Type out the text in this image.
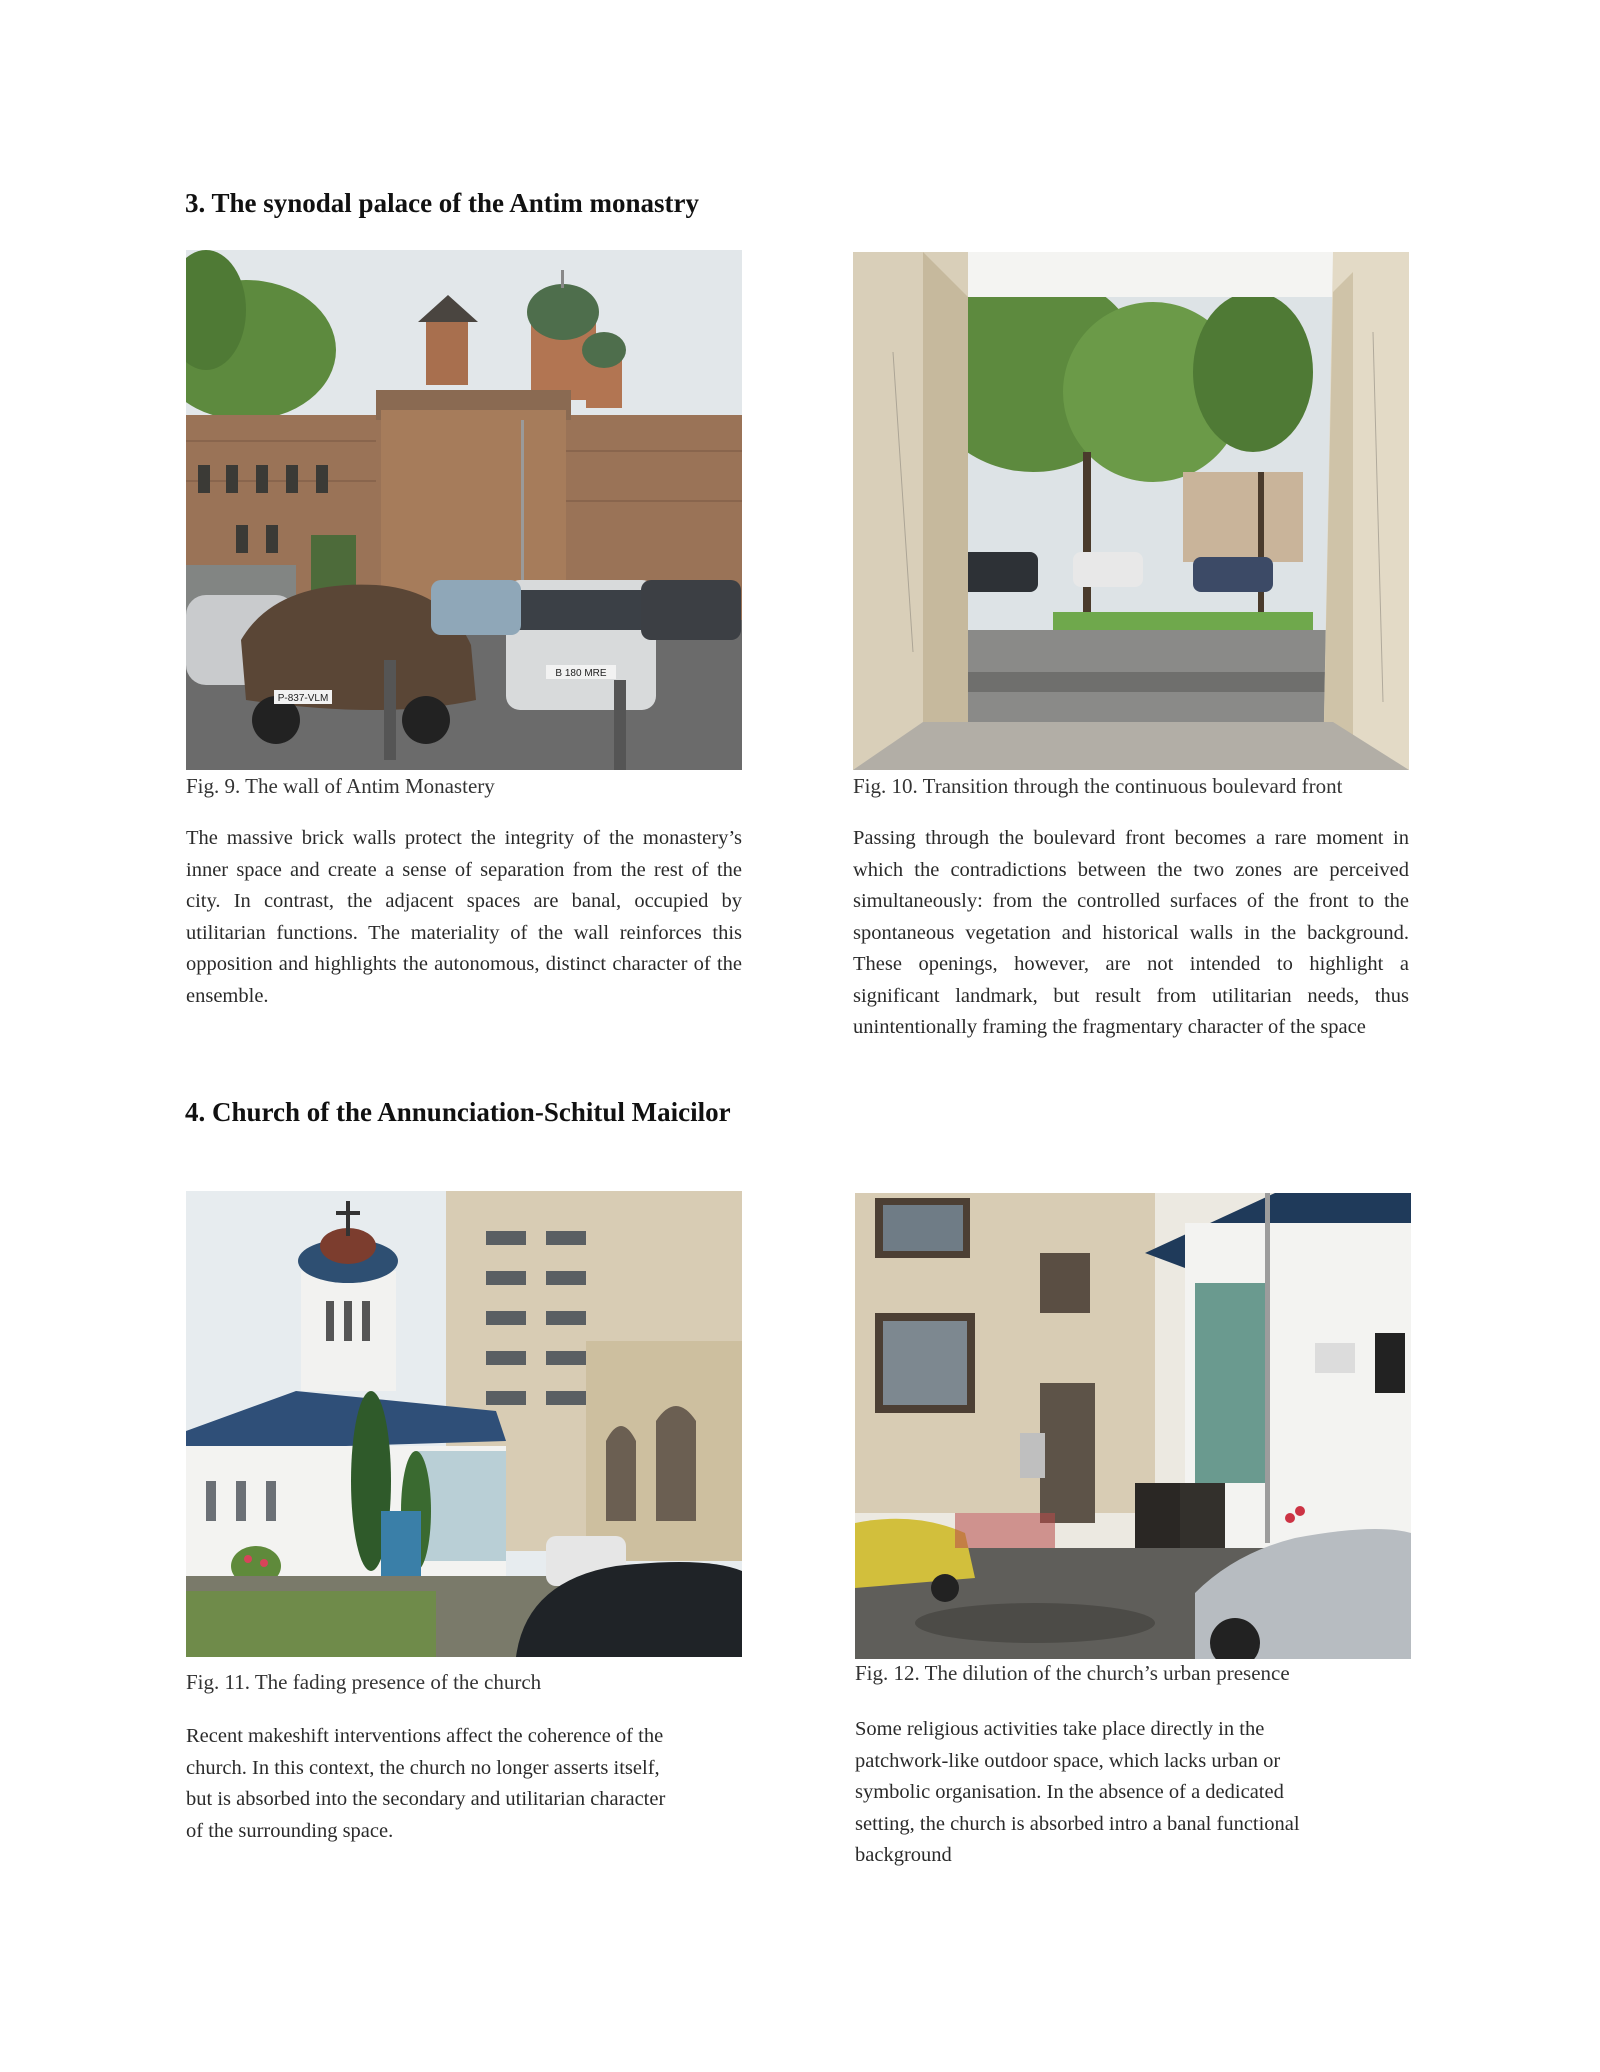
3. The synodal palace of the Antim monastry
P-837-VLM
B 180 MRE

Fig. 9. The wall of Antim Monastery	Fig. 10. Transition through the continuous boulevard front

The massive brick walls protect the integrity of the monastery’s inner space and create a sense of separation from the rest of the city. In contrast, the adjacent spaces are banal, occupied by utilitarian functions. The materiality of the wall reinforces this opposition and highlights the autonomous, distinct character of the ensemble.

Passing through the boulevard front becomes a rare moment in which the contradictions between the two zones are perceived simultaneously: from the controlled surfaces of the front to the spontaneous vegetation and historical walls in the background. These openings, however, are not intended to highlight a significant landmark, but result from utilitarian needs, thus unintentionally framing the fragmentary character of the space

4. Church of the Annunciation-Schitul Maicilor

Fig. 11. The fading presence of the church	Fig. 12. The dilution of the church’s urban presence

Recent makeshift interventions affect the coherence of the
church. In this context, the church no longer asserts itself,
but is absorbed into the secondary and utilitarian character
of the surrounding space.
Some religious activities take place directly in the
patchwork-like outdoor space, which lacks urban or
symbolic organisation. In the absence of a dedicated
setting, the church is absorbed intro a banal functional
background
